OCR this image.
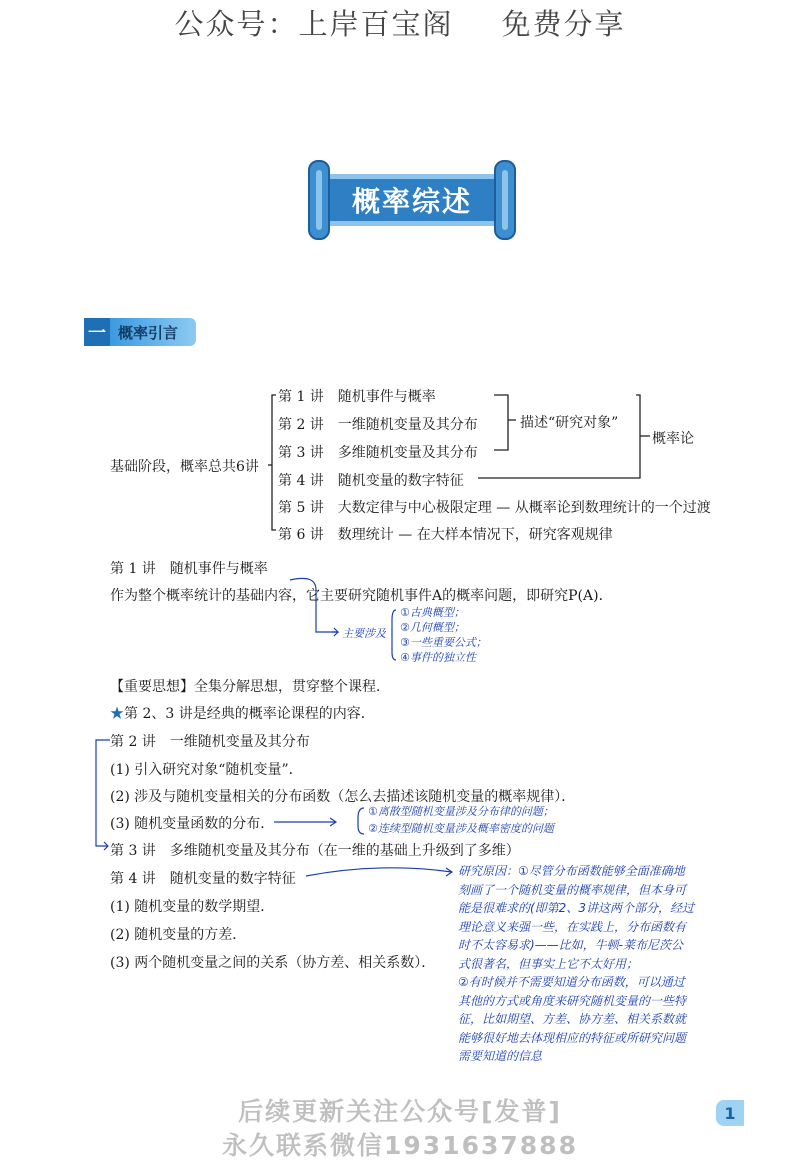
公众号：上岸百宝阁 免费分享
概率综述
一 概率引言
基础阶段，概率总共6讲
第 1 讲　随机事件与概率
第 2 讲　一维随机变量及其分布
第 3 讲　多维随机变量及其分布
第 4 讲　随机变量的数字特征
第 5 讲　大数定律与中心极限定理 — 从概率论到数理统计的一个过渡
第 6 讲　数理统计 — 在大样本情况下，研究客观规律
描述“研究对象”
概率论
第 1 讲　随机事件与概率
作为整个概率统计的基础内容，它主要研究随机事件A的概率问题，即研究P(A)．
主要涉及
①古典概型；
②几何概型；
③一些重要公式；
④事件的独立性
【重要思想】全集分解思想，贯穿整个课程．
★第 2、3 讲是经典的概率论课程的内容．
第 2 讲　一维随机变量及其分布
(1) 引入研究对象“随机变量”．
(2) 涉及与随机变量相关的分布函数（怎么去描述该随机变量的概率规律）．
(3) 随机变量函数的分布．
①离散型随机变量涉及分布律的问题；
②连续型随机变量涉及概率密度的问题
第 3 讲　多维随机变量及其分布（在一维的基础上升级到了多维）
第 4 讲　随机变量的数字特征
(1) 随机变量的数学期望．
(2) 随机变量的方差．
(3) 两个随机变量之间的关系（协方差、相关系数）．
研究原因：①尽管分布函数能够全面准确地
刻画了一个随机变量的概率规律，但本身可
能是很难求的(即第2、3讲这两个部分，经过
理论意义来强一些，在实践上，分布函数有
时不太容易求)——比如，牛顿-莱布尼茨公
式很著名，但事实上它不太好用；
②有时候并不需要知道分布函数，可以通过
其他的方式或角度来研究随机变量的一些特
征，比如期望、方差、协方差、相关系数就
能够很好地去体现相应的特征或所研究问题
需要知道的信息
后续更新关注公众号[发普]
永久联系微信1931637888
1
